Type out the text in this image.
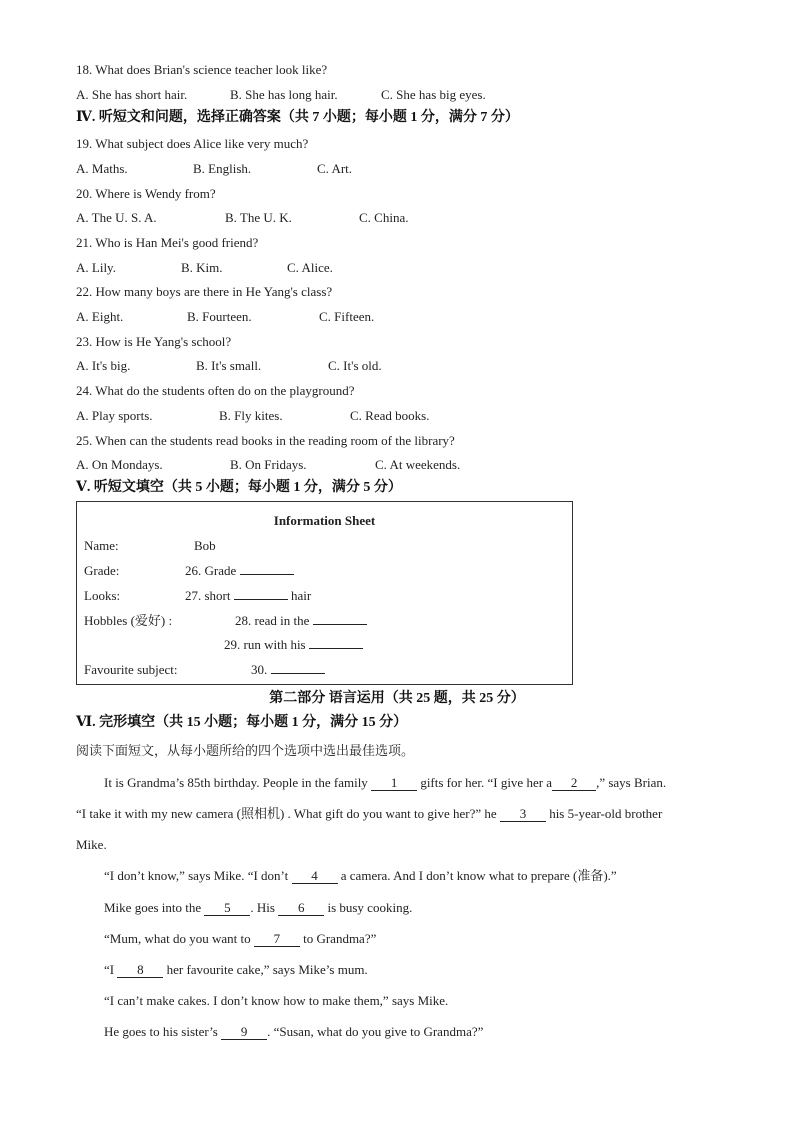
18. What does Brian's science teacher look like?
A. She has short hair.	B. She has long hair.	C. She has big eyes.
Ⅳ. 听短文和问题，选择正确答案（共 7 小题；每小题 1 分，满分 7 分）
19. What subject does Alice like very much?
A. Maths.	B. English.	C. Art.
20. Where is Wendy from?
A. The U. S. A.	B. The U. K.	C. China.
21. Who is Han Mei's good friend?
A. Lily.	B. Kim.	C. Alice.
22. How many boys are there in He Yang's class?
A. Eight.	B. Fourteen.	C. Fifteen.
23. How is He Yang's school?
A. It's big.	B. It's small.	C. It's old.
24. What do the students often do on the playground?
A. Play sports.	B. Fly kites.	C. Read books.
25. When can the students read books in the reading room of the library?
A. On Mondays.	B. On Fridays.	C. At weekends.
Ⅴ. 听短文填空（共 5 小题；每小题 1 分，满分 5 分）
Information Sheet
Name:	Bob
Grade:	26. Grade
Looks:	27. short	hair
Hobbles (爱好) :	28. read in the
29. run with his
Favourite subject:	30.
第二部分 语言运用（共 25 题，共 25 分）
Ⅵ. 完形填空（共 15 小题；每小题 1 分，满分 15 分）
阅读下面短文，从每小题所给的四个选项中选出最佳选项。
It is Grandma’s 85th birthday. People in the family 1 gifts for her. “I give her a 2 ,” says Brian.
“I take it with my new camera (照相机) . What gift do you want to give her?” he 3 his 5-year-old brother
Mike.
“I don’t know,” says Mike. “I don’t 4 a camera. And I don’t know what to prepare (准备).”
Mike goes into the 5 . His 6 is busy cooking.
“Mum, what do you want to 7 to Grandma?”
“I 8 her favourite cake,” says Mike’s mum.
“I can’t make cakes. I don’t know how to make them,” says Mike.
He goes to his sister’s 9 . “Susan, what do you give to Grandma?”
